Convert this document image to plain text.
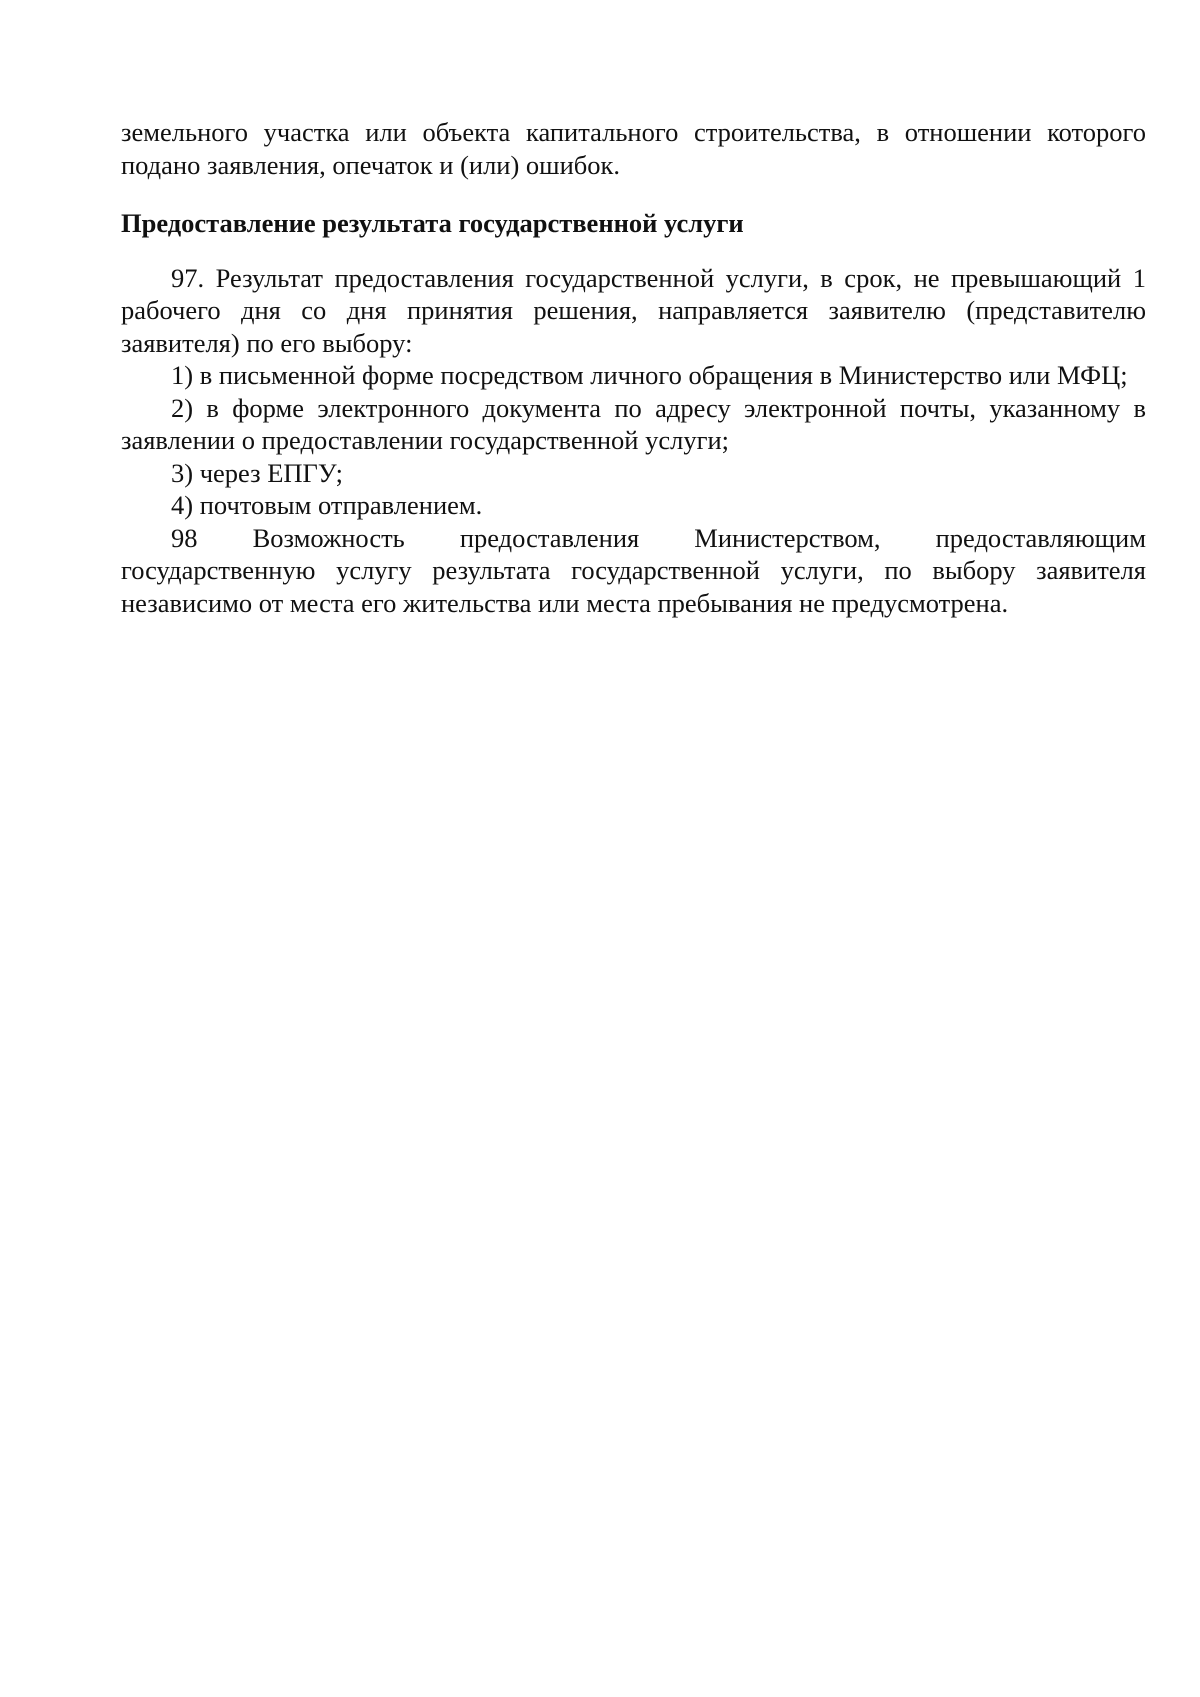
земельного участка или объекта капитального строительства, в отношении которого подано заявления, опечаток и (или) ошибок.

Предоставление результата государственной услуги

97. Результат предоставления государственной услуги, в срок, не превышающий 1 рабочего дня со дня принятия решения, направляется заявителю (представителю заявителя) по его выбору:

1) в письменной форме посредством личного обращения в Министерство или МФЦ;

2) в форме электронного документа по адресу электронной почты, указанному в заявлении о предоставлении государственной услуги;

3) через ЕПГУ;

4) почтовым отправлением.

98 Возможность предоставления Министерством, предоставляющим государственную услугу результата государственной услуги, по выбору заявителя независимо от места его жительства или места пребывания не предусмотрена.
